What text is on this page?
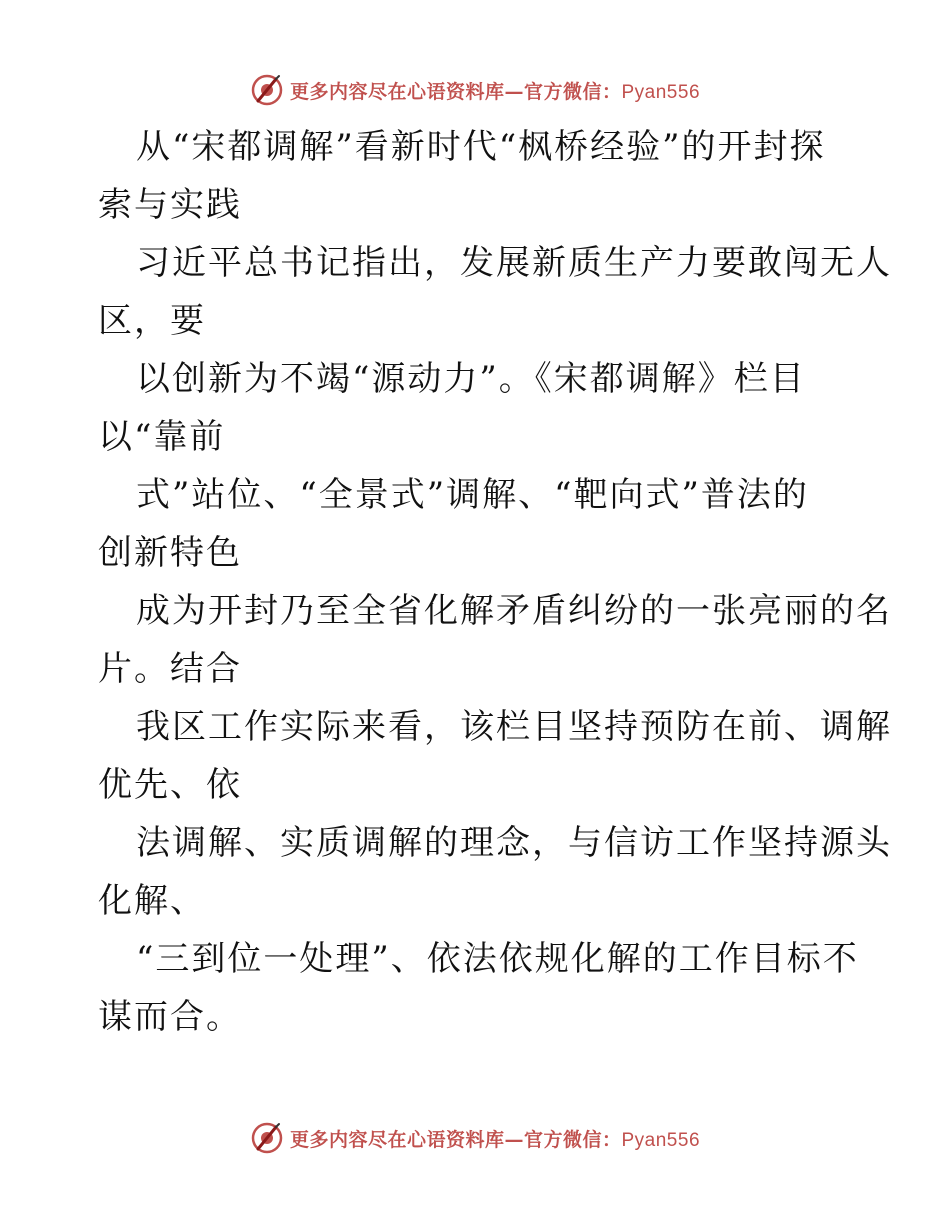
更多内容尽在心语资料库—官方微信：Pyan556
从“宋都调解”看新时代“枫桥经验”的开封探
索与实践
习近平总书记指出，发展新质生产力要敢闯无人
区，要
以创新为不竭“源动力”。《宋都调解》栏目
以“靠前
式”站位、“全景式”调解、“靶向式”普法的
创新特色
成为开封乃至全省化解矛盾纠纷的一张亮丽的名
片。结合
我区工作实际来看，该栏目坚持预防在前、调解
优先、依
法调解、实质调解的理念，与信访工作坚持源头
化解、
“三到位一处理”、依法依规化解的工作目标不
谋而合。
更多内容尽在心语资料库—官方微信：Pyan556
